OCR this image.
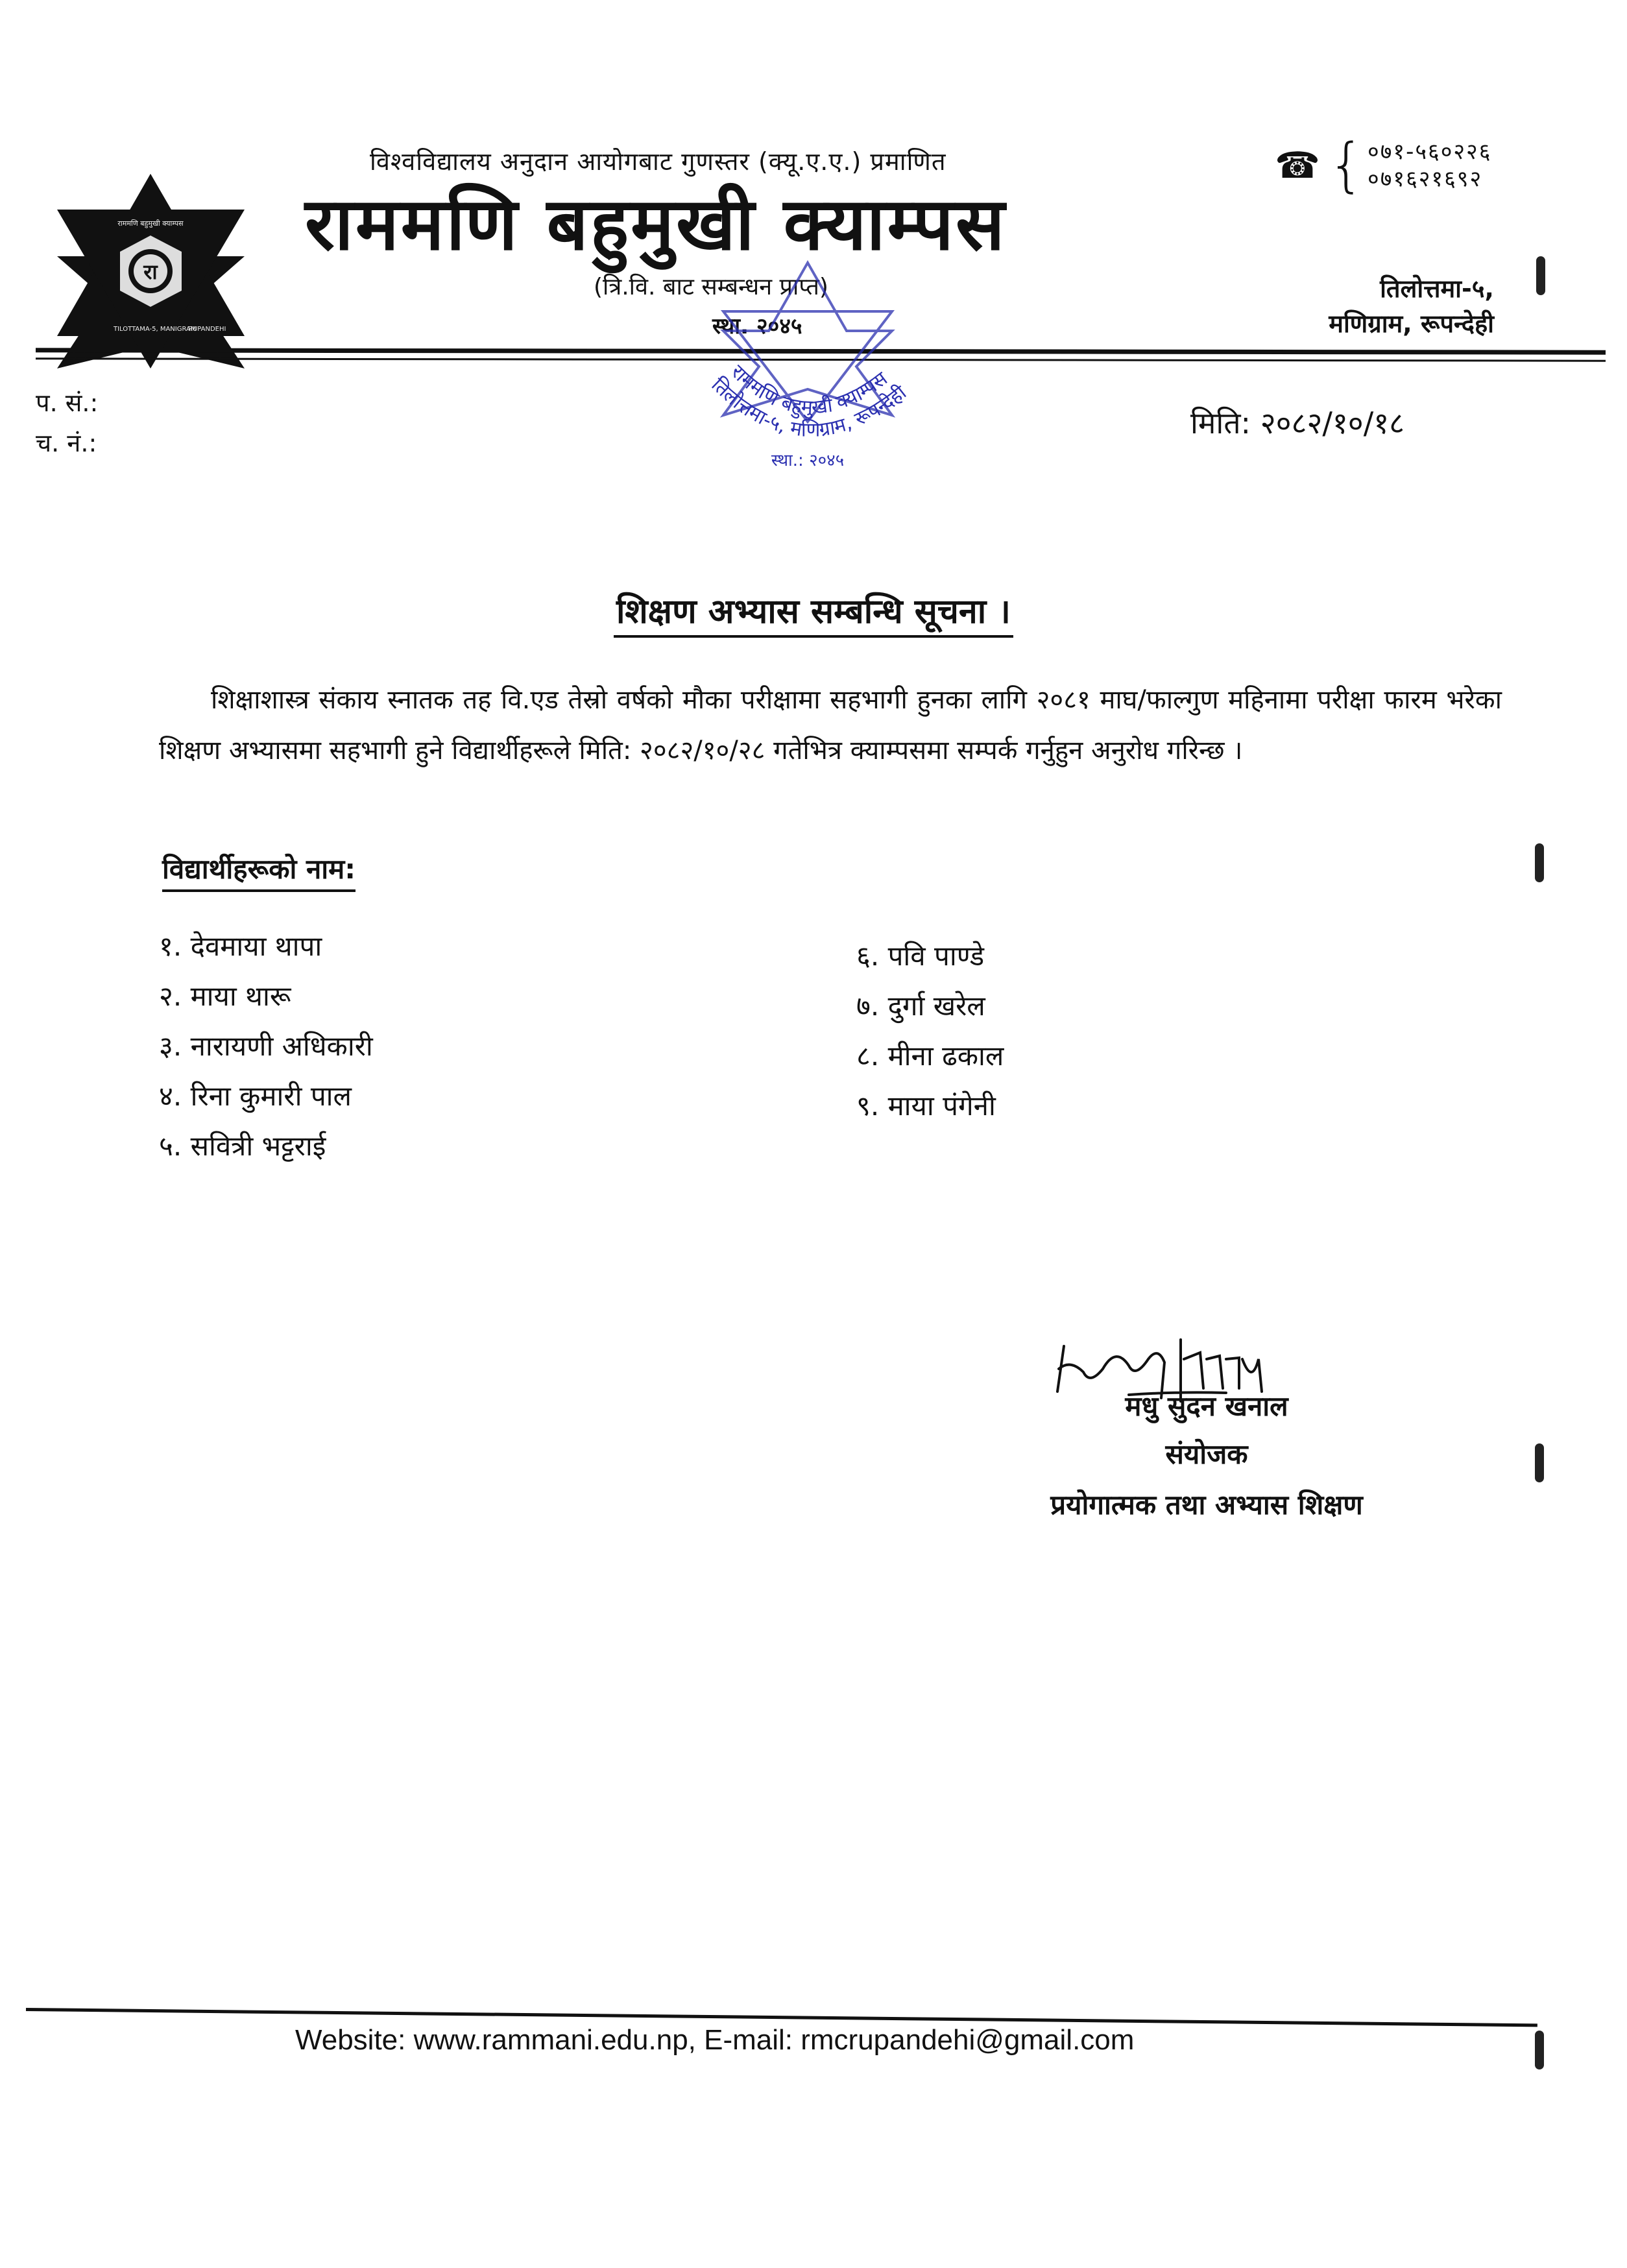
रा
राममणि बहुमुखी क्याम्पस
TILOTTAMA-5, MANIGRAM
RUPANDEHI
विश्वविद्यालय अनुदान आयोगबाट गुणस्तर (क्यू.ए.ए.) प्रमाणित
राममणि बहुमुखी क्याम्पस
(त्रि.वि. बाट सम्बन्धन प्राप्त)
स्था. २०४५
☎ { ०७१-५६०२२६
०७१६२१६९२
तिलोत्तमा-५,
मणिग्राम, रूपन्देही
राममणि बहुमुखी क्याम्पस
तिलोत्तमा-५, मणिग्राम, रूपन्देही
स्था.: २०४५
प. सं.:
च. नं.:
मिति: २०८२/१०/१८
शिक्षण अभ्यास सम्बन्धि सूचना ।
शिक्षाशास्त्र संकाय स्नातक तह वि.एड तेस्रो वर्षको मौका परीक्षामा सहभागी हुनका लागि २०८१ माघ/फाल्गुण महिनामा परीक्षा फारम भरेका शिक्षण अभ्यासमा सहभागी हुने विद्यार्थीहरूले मिति: २०८२/१०/२८ गतेभित्र क्याम्पसमा सम्पर्क गर्नुहुन अनुरोध गरिन्छ ।
विद्यार्थीहरूको नाम:
१. देवमाया थापा
२. माया थारू
३. नारायणी अधिकारी
४. रिना कुमारी पाल
५. सवित्री भट्टराई
६. पवि पाण्डे
७. दुर्गा खरेल
८. मीना ढकाल
९. माया पंगेनी
मधु सुदन खनाल
संयोजक
प्रयोगात्मक तथा अभ्यास शिक्षण
Website: www.rammani.edu.np, E-mail: rmcrupandehi@gmail.com
